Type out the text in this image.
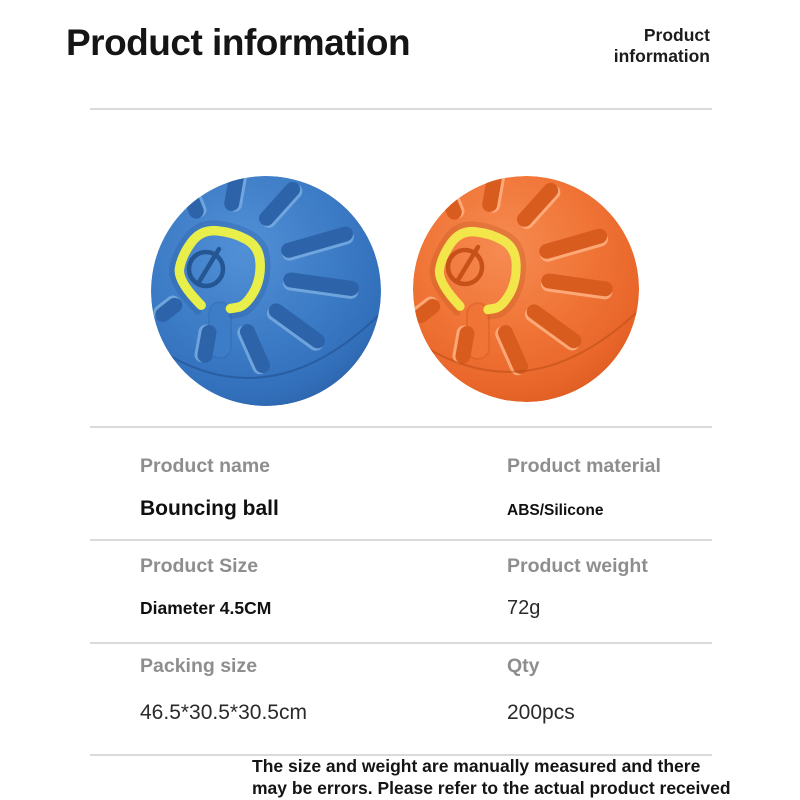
Product information	Product
information
Product name
Bouncing ball
Product material
ABS/Silicone
Product Size
Diameter 4.5CM
Product weight
72g
Packing size
46.5*30.5*30.5cm
Qty
200pcs
The size and weight are manually measured and there may be errors. Please refer to the actual product received
